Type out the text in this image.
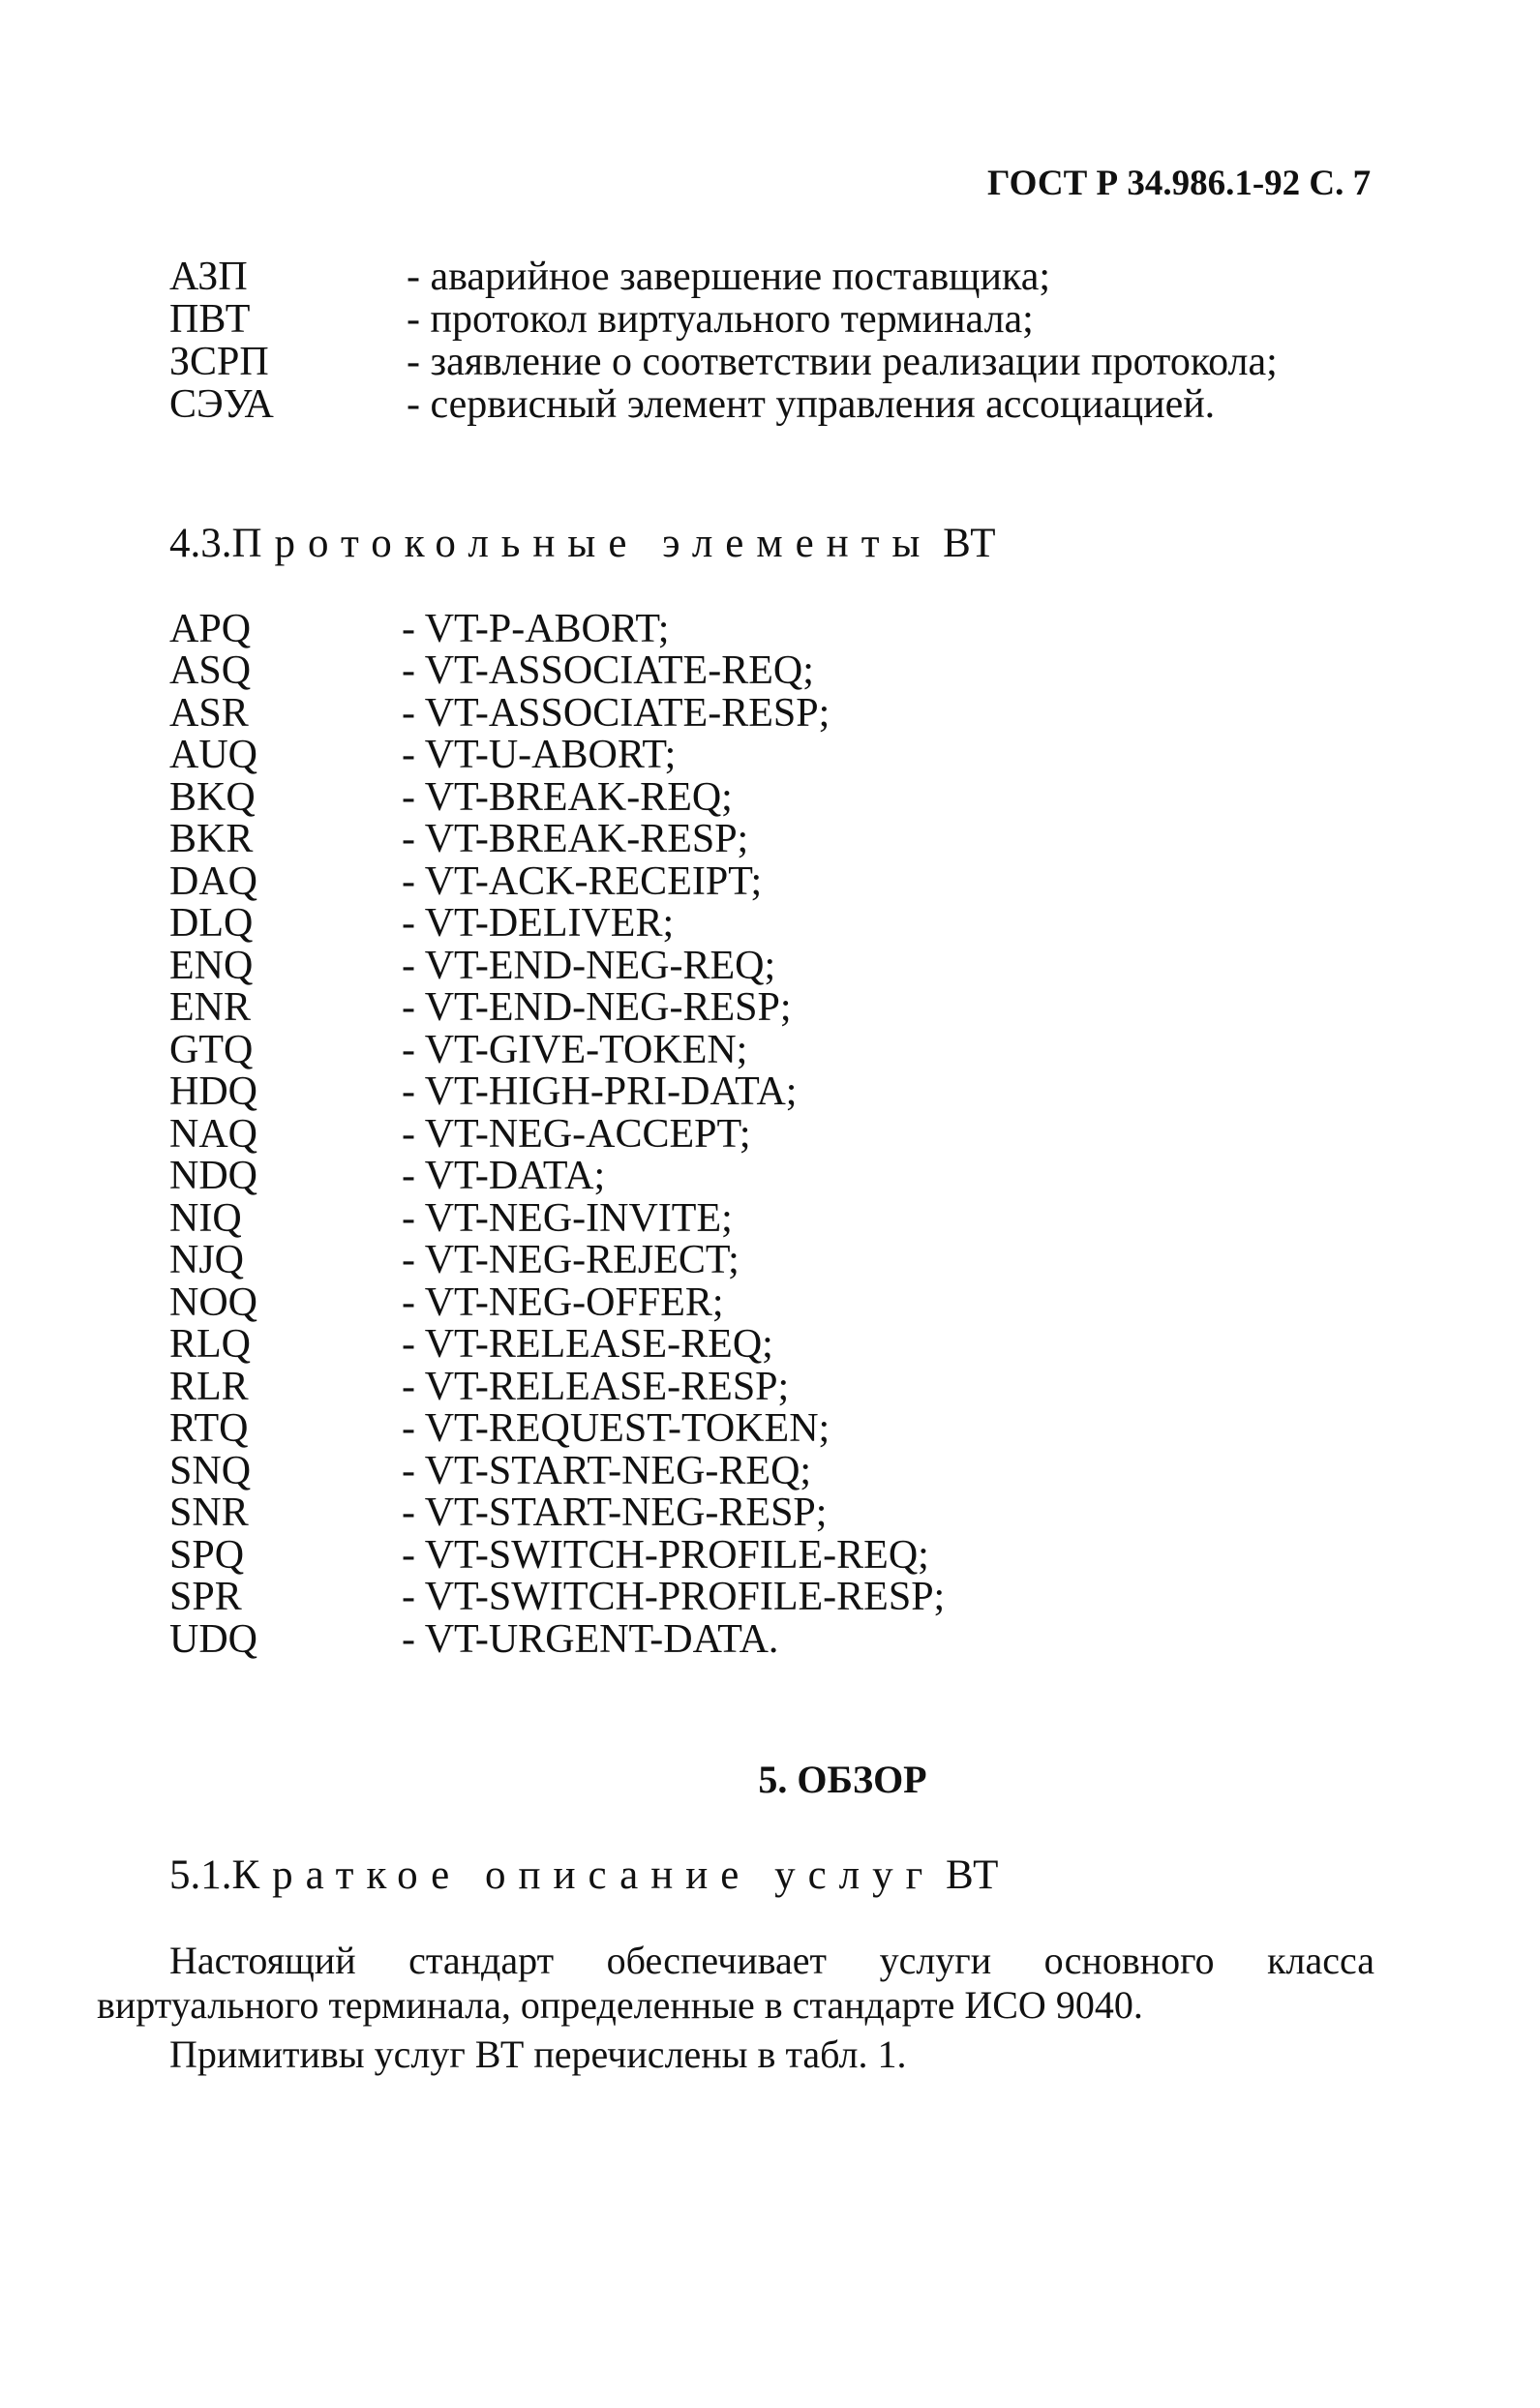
ГОСТ Р 34.986.1-92 С. 7
АЗП	- аварийное завершение поставщика;
ПВТ	- протокол виртуального терминала;
ЗСРП	- заявление о соответствии реализации протокола;
СЭУА	- сервисный элемент управления ассоциацией.
4.3.Протокольные элементы ВТ
APQ	- VT-P-ABORT;
ASQ	- VT-ASSOCIATE-REQ;
ASR	- VT-ASSOCIATE-RESP;
AUQ	- VT-U-ABORT;
BKQ	- VT-BREAK-REQ;
BKR	- VT-BREAK-RESP;
DAQ	- VT-ACK-RECEIPT;
DLQ	- VT-DELIVER;
ENQ	- VT-END-NEG-REQ;
ENR	- VT-END-NEG-RESP;
GTQ	- VT-GIVE-TOKEN;
HDQ	- VT-HIGH-PRI-DATA;
NAQ	- VT-NEG-ACCEPT;
NDQ	- VT-DATA;
NIQ	- VT-NEG-INVITE;
NJQ	- VT-NEG-REJECT;
NOQ	- VT-NEG-OFFER;
RLQ	- VT-RELEASE-REQ;
RLR	- VT-RELEASE-RESP;
RTQ	- VT-REQUEST-TOKEN;
SNQ	- VT-START-NEG-REQ;
SNR	- VT-START-NEG-RESP;
SPQ	- VT-SWITCH-PROFILE-REQ;
SPR	- VT-SWITCH-PROFILE-RESP;
UDQ	- VT-URGENT-DATA.
5. ОБЗОР
5.1.Краткое описание услуг ВТ
Настоящий стандарт обеспечивает услуги основного класса
виртуального терминала, определенные в стандарте ИСО 9040.
Примитивы услуг ВТ перечислены в табл. 1.
